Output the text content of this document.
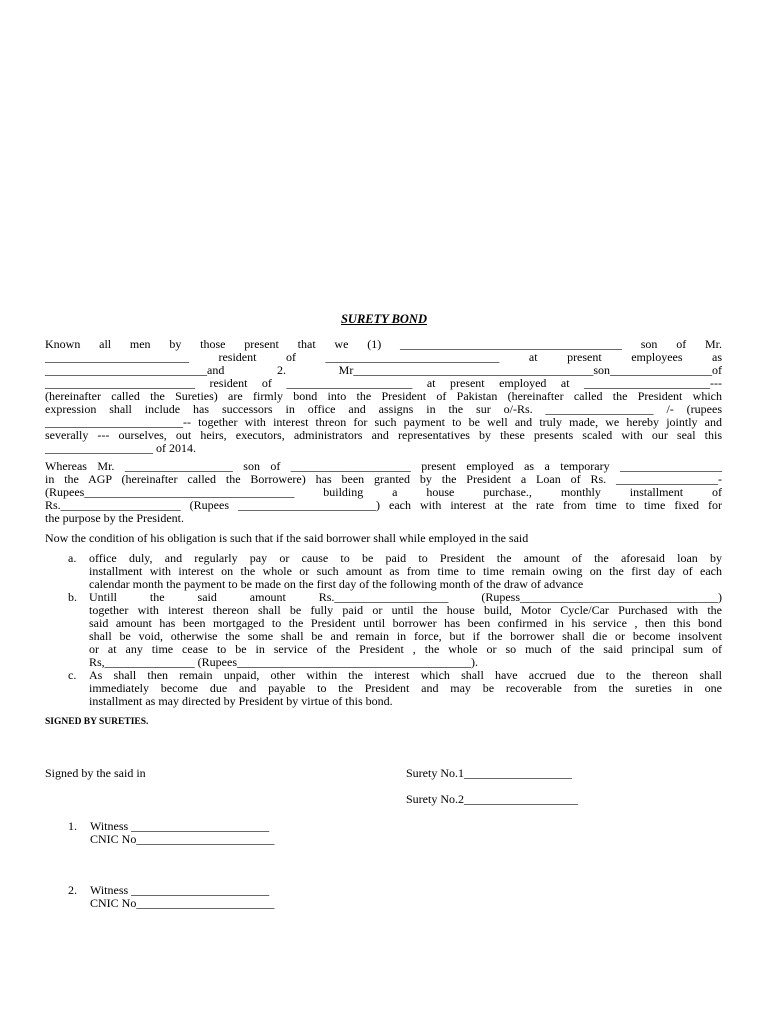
SURETY BOND
Known all men by those present that we (1) _____________________________________ son of Mr.
________________________ resident of _____________________________ at present employees as
___________________________and 2. Mr________________________________________son_________________of
_________________________ resident of _____________________ at present employed at _____________________---
(hereinafter called the Sureties) are firmly bond into the President of Pakistan (hereinafter called the President which
expression shall include has successors in office and assigns in the sur o/-Rs. __________________ /- (rupees
_______________________-- together with interest threon for such payment to be well and truly made, we hereby jointly and
severally --- ourselves, out heirs, executors, administrators and representatives by these presents scaled with our seal this
__________________ of 2014.
Whereas Mr. __________________ son of ____________________ present employed as a temporary _________________
in the AGP (hereinafter called the Borrowere) has been granted by the President a Loan of Rs. _________________-
(Rupees___________________________________ building a house purchase., monthly installment of
Rs.____________________ (Rupees _______________________) each with interest at the rate from time to time fixed for
the purpose by the President.
Now the condition of his obligation is such that if the said borrower shall while employed in the said
a. office duly, and regularly pay or cause to be paid to President the amount of the aforesaid loan by
installment with interest on the whole or such amount as from time to time remain owing on the first day of each
calendar month the payment to be made on the first day of the following month of the draw of advance
b. Untill the said amount Rs.___________________ (Rupess_________________________________)
together with interest thereon shall be fully paid or until the house build, Motor Cycle/Car Purchased with the
said amount has been mortgaged to the President until borrower has been confirmed in his service , then this bond
shall be void, otherwise the some shall be and remain in force, but if the borrower shall die or become insolvent
or at any time cease to be in service of the President , the whole or so much of the said principal sum of
Rs,_______________ (Rupees_______________________________________).
c. As shall then remain unpaid, other within the interest which shall have accrued due to the thereon shall
immediately become due and payable to the President and may be recoverable from the sureties in one
installment as may directed by President by virtue of this bond.
SIGNED BY SURETIES.
Signed by the said in	Surety No.1__________________
Surety No.2___________________
1. Witness _______________________
CNIC No_______________________
2. Witness _______________________
CNIC No_______________________
